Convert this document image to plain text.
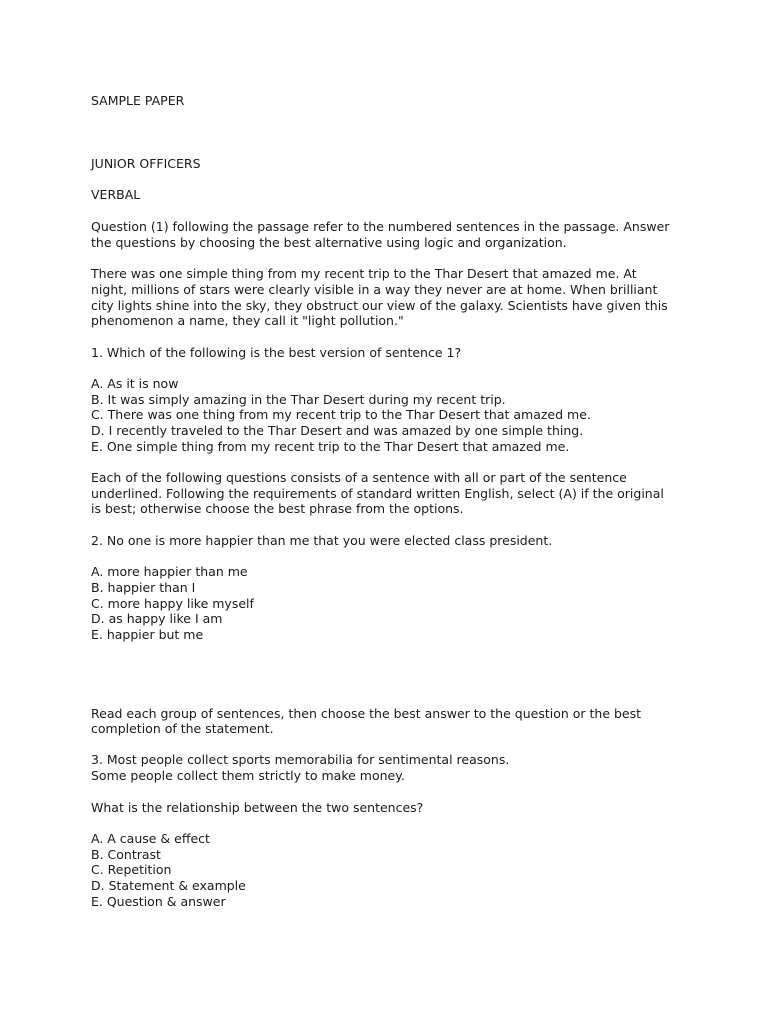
SAMPLE PAPER
JUNIOR OFFICERS
VERBAL
Question (1) following the passage refer to the numbered sentences in the passage. Answer
the questions by choosing the best alternative using logic and organization.
There was one simple thing from my recent trip to the Thar Desert that amazed me. At
night, millions of stars were clearly visible in a way they never are at home. When brilliant
city lights shine into the sky, they obstruct our view of the galaxy. Scientists have given this
phenomenon a name, they call it "light pollution."
1. Which of the following is the best version of sentence 1?
A. As it is now
B. It was simply amazing in the Thar Desert during my recent trip.
C. There was one thing from my recent trip to the Thar Desert that amazed me.
D. I recently traveled to the Thar Desert and was amazed by one simple thing.
E. One simple thing from my recent trip to the Thar Desert that amazed me.
Each of the following questions consists of a sentence with all or part of the sentence
underlined. Following the requirements of standard written English, select (A) if the original
is best; otherwise choose the best phrase from the options.
2. No one is more happier than me that you were elected class president.
A. more happier than me
B. happier than I
C. more happy like myself
D. as happy like I am
E. happier but me
Read each group of sentences, then choose the best answer to the question or the best
completion of the statement.
3. Most people collect sports memorabilia for sentimental reasons.
Some people collect them strictly to make money.
What is the relationship between the two sentences?
A. A cause & effect
B. Contrast
C. Repetition
D. Statement & example
E. Question & answer
